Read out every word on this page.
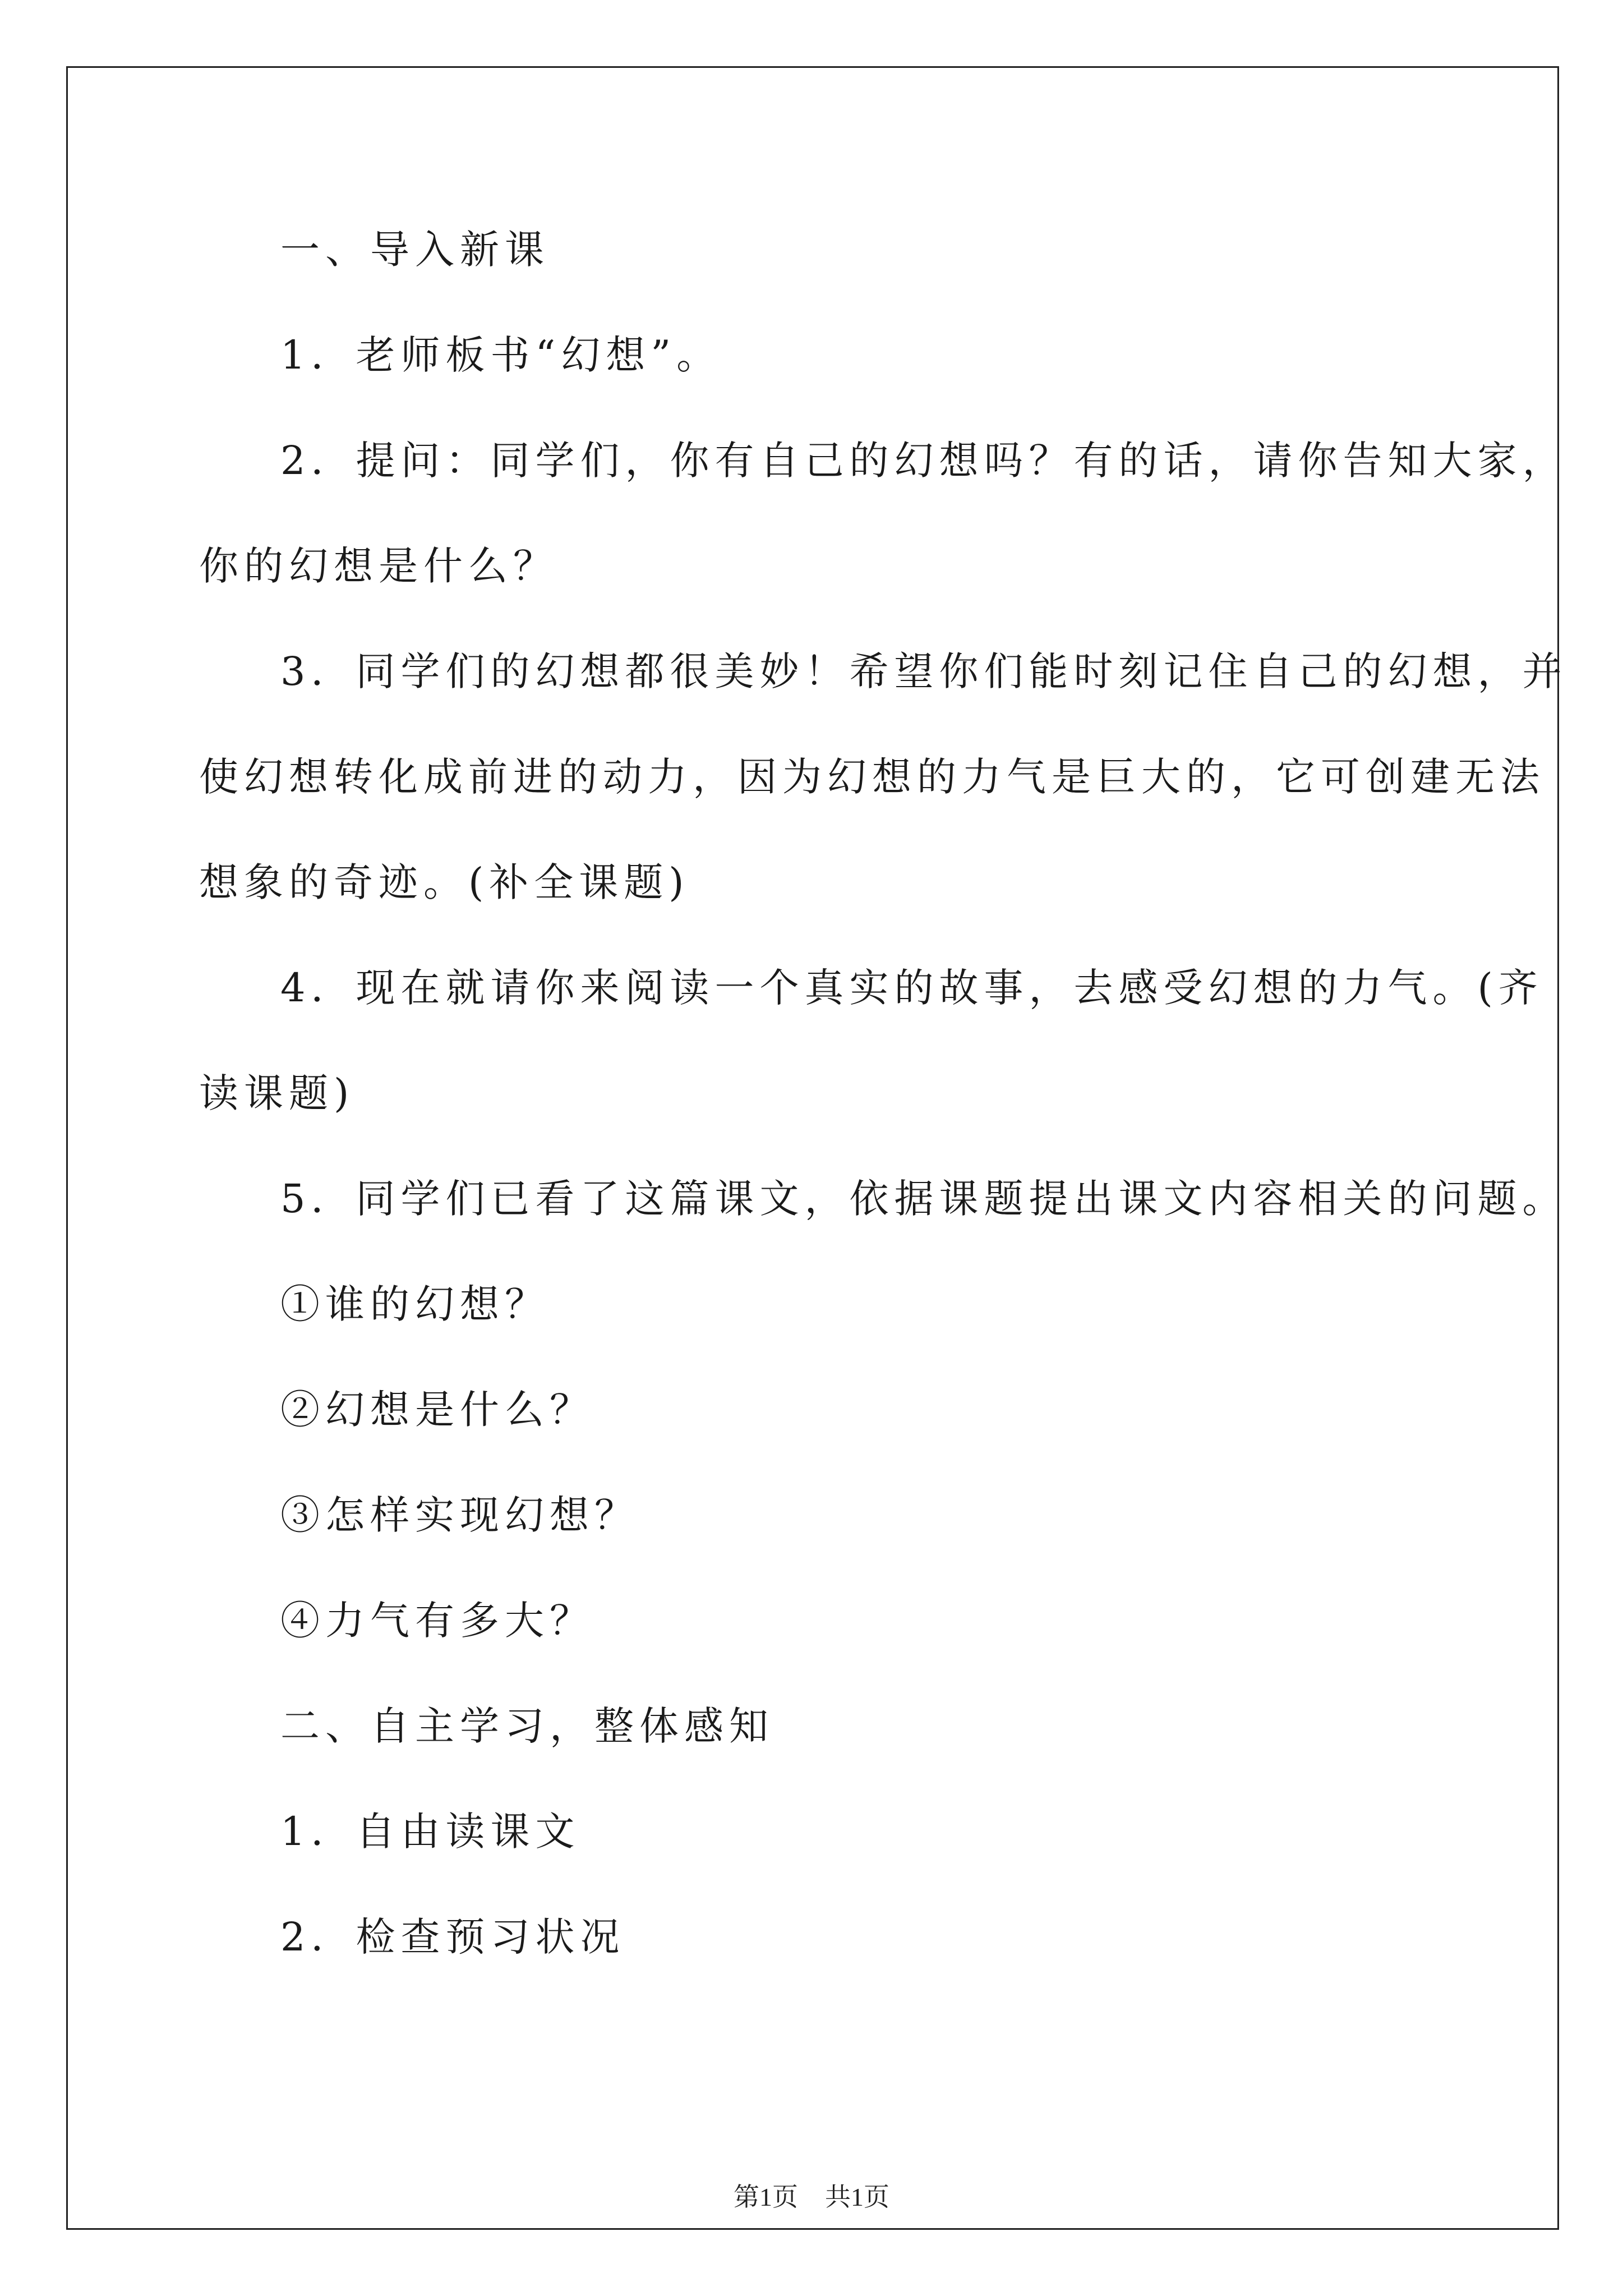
一、导入新课
1．老师板书“幻想”。
2．提问：同学们，你有自己的幻想吗？有的话，请你告知大家，
你的幻想是什么？
3．同学们的幻想都很美妙！希望你们能时刻记住自己的幻想，并
使幻想转化成前进的动力，因为幻想的力气是巨大的，它可创建无法
想象的奇迹。(补全课题)
4．现在就请你来阅读一个真实的故事，去感受幻想的力气。(齐
读课题)
5．同学们已看了这篇课文，依据课题提出课文内容相关的问题。
①谁的幻想？
②幻想是什么？
③怎样实现幻想？
④力气有多大？
二、自主学习，整体感知
1．自由读课文
2．检查预习状况
第1页 共1页
